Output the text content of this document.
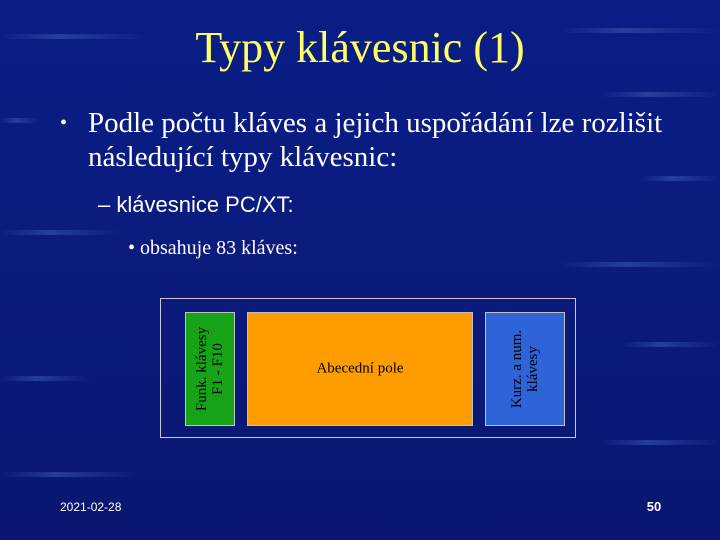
Typy klávesnic (1)
• Podle počtu kláves a jejich uspořádání lze rozlišit následující typy klávesnic:
– klávesnice PC/XT:
• obsahuje 83 kláves:
Funk. klávesy F1 - F10	Abecední pole	Kurz. a num. klávesy
2021-02-28	50
